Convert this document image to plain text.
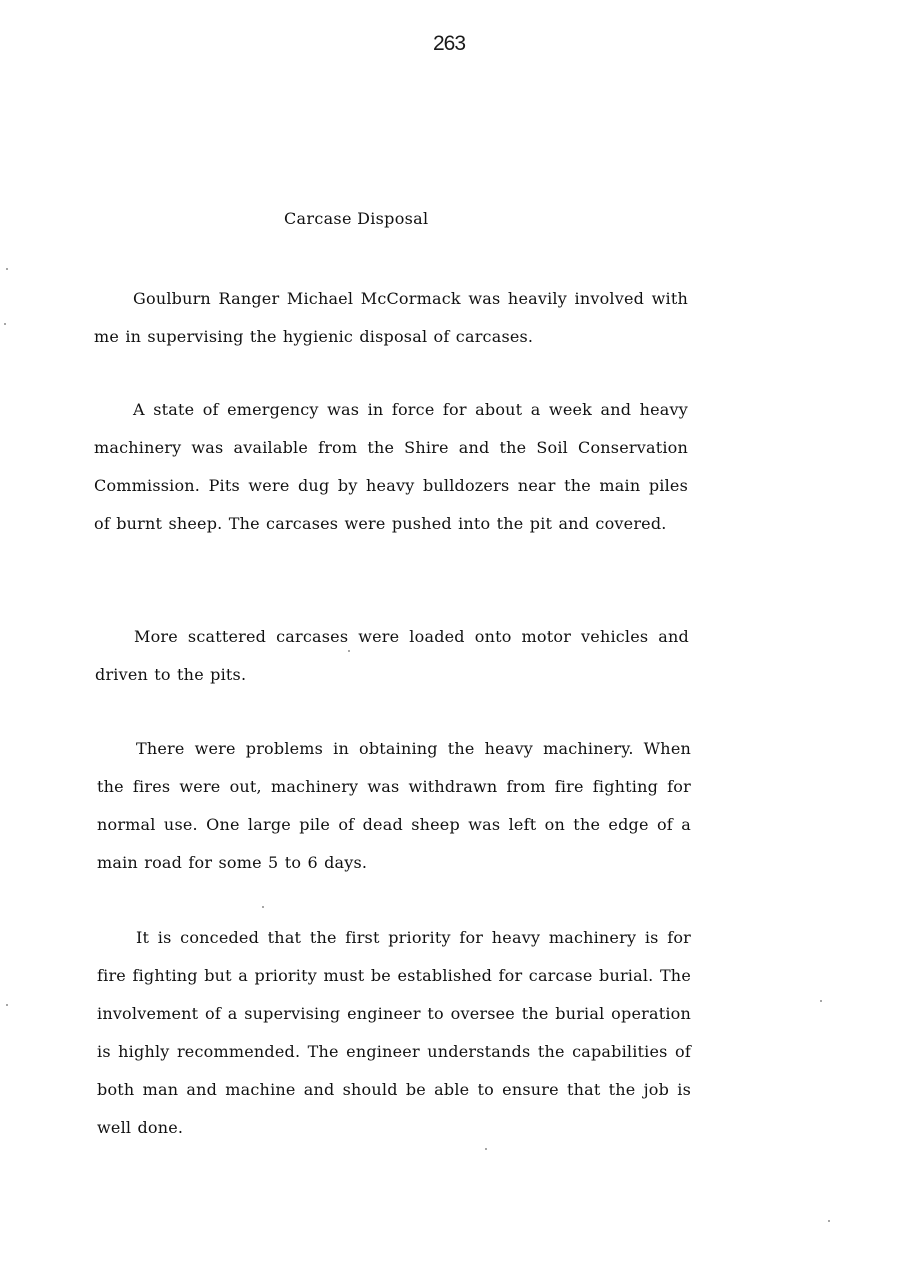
263
Carcase Disposal

Goulburn Ranger Michael McCormack was heavily involved with me in supervising the hygienic disposal of carcases.

A state of emergency was in force for about a week and heavy machinery was available from the Shire and the Soil Conservation Commission. Pits were dug by heavy bulldozers near the main piles of burnt sheep. The carcases were pushed into the pit and covered.

More scattered carcases were loaded onto motor vehicles and driven to the pits.

There were problems in obtaining the heavy machinery. When the fires were out, machinery was withdrawn from fire fighting for normal use. One large pile of dead sheep was left on the edge of a main road for some 5 to 6 days.

It is conceded that the first priority for heavy machinery is for fire fighting but a priority must be established for carcase burial. The involvement of a supervising engineer to oversee the burial operation is highly recommended. The engineer understands the capabilities of both man and machine and should be able to ensure that the job is well done.
